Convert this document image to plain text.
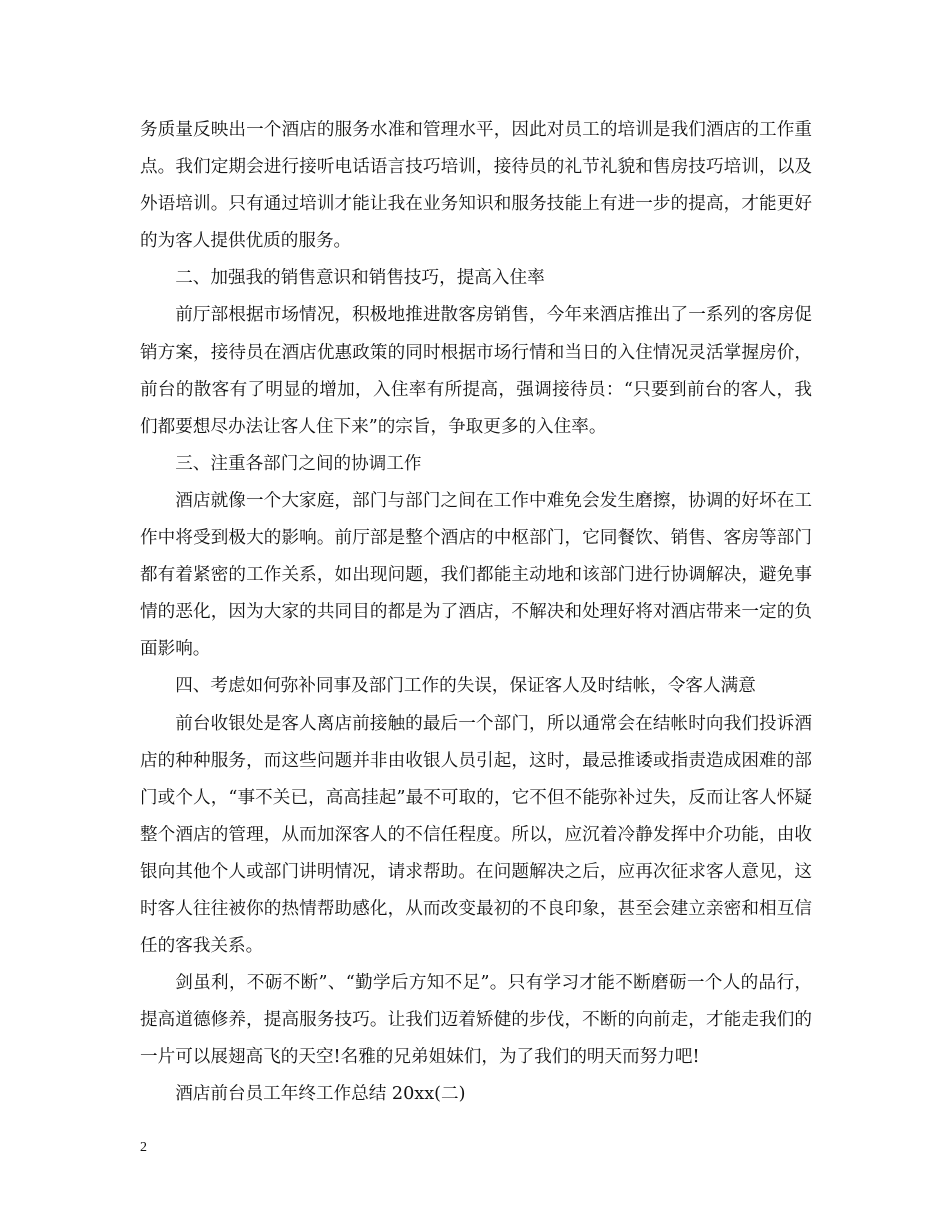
务质量反映出一个酒店的服务水准和管理水平，因此对员工的培训是我们酒店的工作重点。我们定期会进行接听电话语言技巧培训，接待员的礼节礼貌和售房技巧培训，以及外语培训。只有通过培训才能让我在业务知识和服务技能上有进一步的提高，才能更好的为客人提供优质的服务。

二、加强我的销售意识和销售技巧，提高入住率

前厅部根据市场情况，积极地推进散客房销售，今年来酒店推出了一系列的客房促销方案，接待员在酒店优惠政策的同时根据市场行情和当日的入住情况灵活掌握房价，前台的散客有了明显的增加，入住率有所提高，强调接待员：“只要到前台的客人，我们都要想尽办法让客人住下来”的宗旨，争取更多的入住率。

三、注重各部门之间的协调工作

酒店就像一个大家庭，部门与部门之间在工作中难免会发生磨擦，协调的好坏在工作中将受到极大的影响。前厅部是整个酒店的中枢部门，它同餐饮、销售、客房等部门都有着紧密的工作关系，如出现问题，我们都能主动地和该部门进行协调解决，避免事情的恶化，因为大家的共同目的都是为了酒店，不解决和处理好将对酒店带来一定的负面影响。

四、考虑如何弥补同事及部门工作的失误，保证客人及时结帐，令客人满意

前台收银处是客人离店前接触的最后一个部门，所以通常会在结帐时向我们投诉酒店的种种服务，而这些问题并非由收银人员引起，这时，最忌推诿或指责造成困难的部门或个人，“事不关已，高高挂起”最不可取的，它不但不能弥补过失，反而让客人怀疑整个酒店的管理，从而加深客人的不信任程度。所以，应沉着冷静发挥中介功能，由收银向其他个人或部门讲明情况，请求帮助。在问题解决之后，应再次征求客人意见，这时客人往往被你的热情帮助感化，从而改变最初的不良印象，甚至会建立亲密和相互信任的客我关系。

剑虽利，不砺不断”、“勤学后方知不足”。只有学习才能不断磨砺一个人的品行，提高道德修养，提高服务技巧。让我们迈着矫健的步伐，不断的向前走，才能走我们的一片可以展翅高飞的天空!名雅的兄弟姐妹们，为了我们的明天而努力吧!

酒店前台员工年终工作总结 20xx(二)

2
